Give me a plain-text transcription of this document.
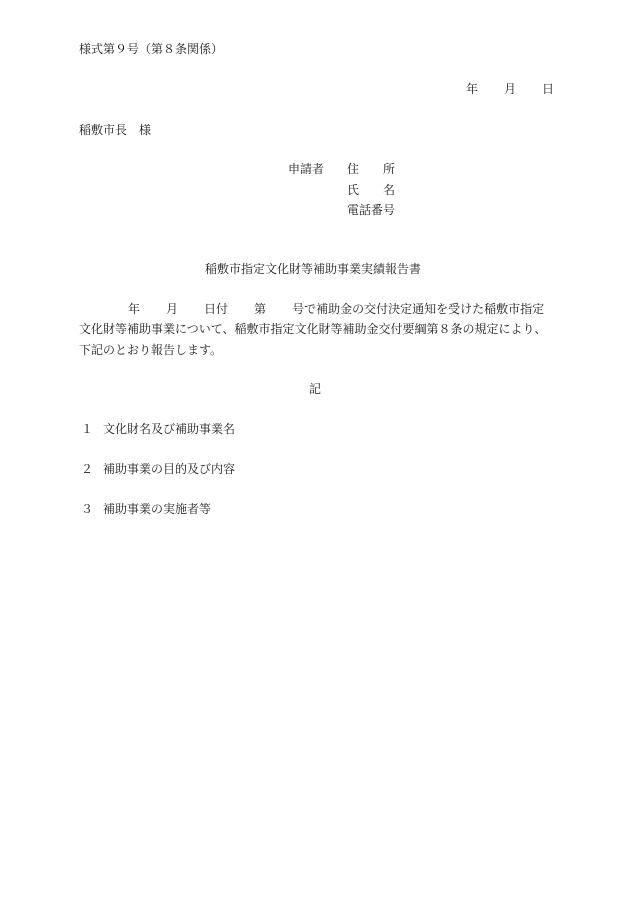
様式第９号（第８条関係）
年 月 日
稲敷市長　様
申請者 住　　所
氏　　名
電話番号
稲敷市指定文化財等補助事業実績報告書
年 月 日付 第 号で補助金の交付決定通知を受けた稲敷市指定
文化財等補助事業について、稲敷市指定文化財等補助金交付要綱第８条の規定により、
下記のとおり報告します。
記
１ 文化財名及び補助事業名
２ 補助事業の目的及び内容
３ 補助事業の実施者等
